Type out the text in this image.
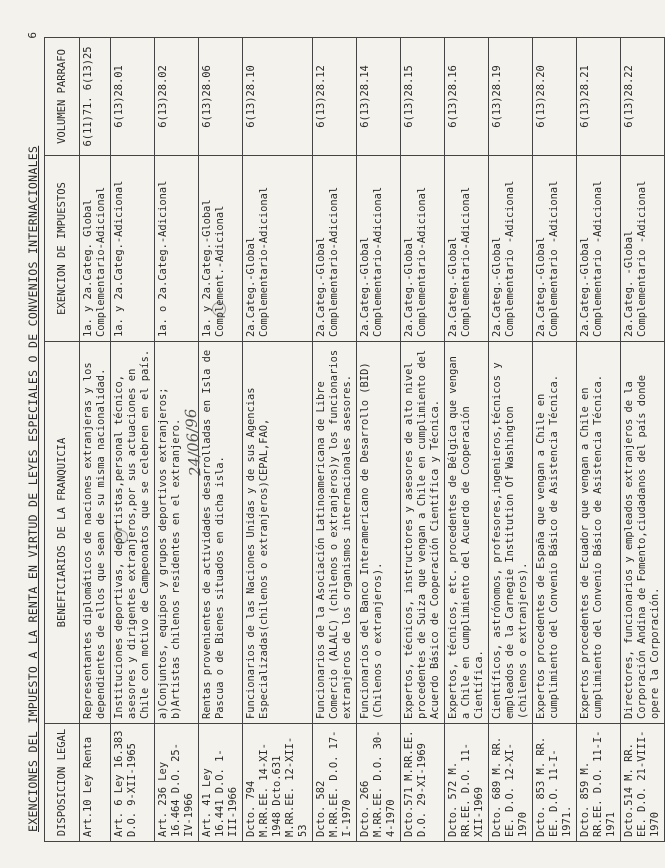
EXENCIONES DEL IMPUESTO A LA RENTA EN VIRTUD DE LEYES ESPECIALES O DE CONVENIOS INTERNACIONALES
6
DISPOSICION LEGAL	BENEFICIARIOS DE LA FRANQUICIA	EXENCION DE IMPUESTOS	VOLUMEN PARRAFO
Art.10 Ley Renta	Representantes diplomáticos de naciones extranjeras y los dependientes de ellos que sean de su misma nacionalidad.	1a. y 2a.Categ. Global Complementario-Adicional	6(11)71. 6(13)25
Art. 6 Ley 16.383 D.O. 9-XII-1965	Instituciones deportivas, deportistas,personal técnico, asesores y dirigentes extranjeros,por sus actuaciones en Chile con motivo de Campeonatos que se celebren en el país.	1a. y 2a.Categ.-Adicional	6(13)28.01
Art. 236 Ley 16.464 D.O. 25-IV-1966	a)Conjuntos, equipos y grupos deportivos extranjeros; b)Artistas chilenos residentes en el extranjero.	1a. o 2a.Categ.-Adicional	6(13)28.02
Art. 41 Ley 16.441 D.O. 1-III-1966	Rentas provenientes de actividades desarrolladas en Isla de Pascua o de Bienes situados en dicha isla.	1a. y 2a.Categ.-Global Complement.-Adicional	6(13)28.06
Dcto. 794 M.RR.EE. 14-XI-1948 Dcto.631 M.RR.EE. 12-XII-53	Funcionarios de las Naciones Unidas y de sus Agencias Especializadas(chilenos o extranjeros)CEPAL,FAO,	2a.Categ.-Global Complementario-Adicional	6(13)28.10
Dcto. 582 M.RR.EE. D.O. 17-I-1970	Funcionarios de la Asociación Latinoamericana de Libre Comercio (ALALC) (chilenos o extranjeros)y los funcionarios extranjeros de los organismos internacionales asesores.	2a.Categ.-Global Complementario-Adicional	6(13)28.12
Dcto. 266 M.RR.EE. D.O. 30-4-1970	Funcionarios del Banco Interamericano de Desarrollo (BID) (Chilenos o extranjeros).	2a.Categ.-Global Complementario-Adicional	6(13)28.14
Dcto.571 M.RR.EE. D.O. 29-XI-1969	Expertos, técnicos, instructores y asesores de alto nivel procedentes de Suiza que vengan a Chile en cumplimiento del Acuerdo Básico de Cooperación Científica y Técnica.	2a.Categ.-Global Complementario-Adicional	6(13)28.15
Dcto. 572 M. RR.EE. D.O. 11-XII-1969	Expertos, técnicos, etc. procedentes de Bélgica que vengan a Chile en cumplimiento del Acuerdo de Cooperación Científica.	2a.Categ.-Global Complementario-Adicional	6(13)28.16
Dcto. 689 M. RR. EE. D.O. 12-XI-1970	Científicos, astrónomos, profesores,ingenieros,técnicos y empleados de la Carnegie Institution Of Washington (chilenos o extranjeros).	2a.Categ.-Global Complementario -Adicional	6(13)28.19
Dcto. 853 M. RR. EE. D.O. 11-I-1971.	Expertos procedentes de España que vengan a Chile en cumplimiento del Convenio Básico de Asistencia Técnica.	2a.Categ.-Global Complementario -Adicional	6(13)28.20
Dcto. 859 M. RR.EE. D.O. 11-I-1971	Expertos procedentes de Ecuador que vengan a Chile en cumplimiento del Convenio Básico de Asistencia Técnica.	2a.Categ.-Global Complementario -Adicional	6(13)28.21
Dcto.514 M. RR. EE. D.O. 21-VIII-1970	Directores, funcionarios y empleados extranjeros de la Corporación Andina de Fomento,ciudadanos del país donde opere la Corporación.	2a.Categ. -Global Complementario -Adicional	6(13)28.22
24/06/96
